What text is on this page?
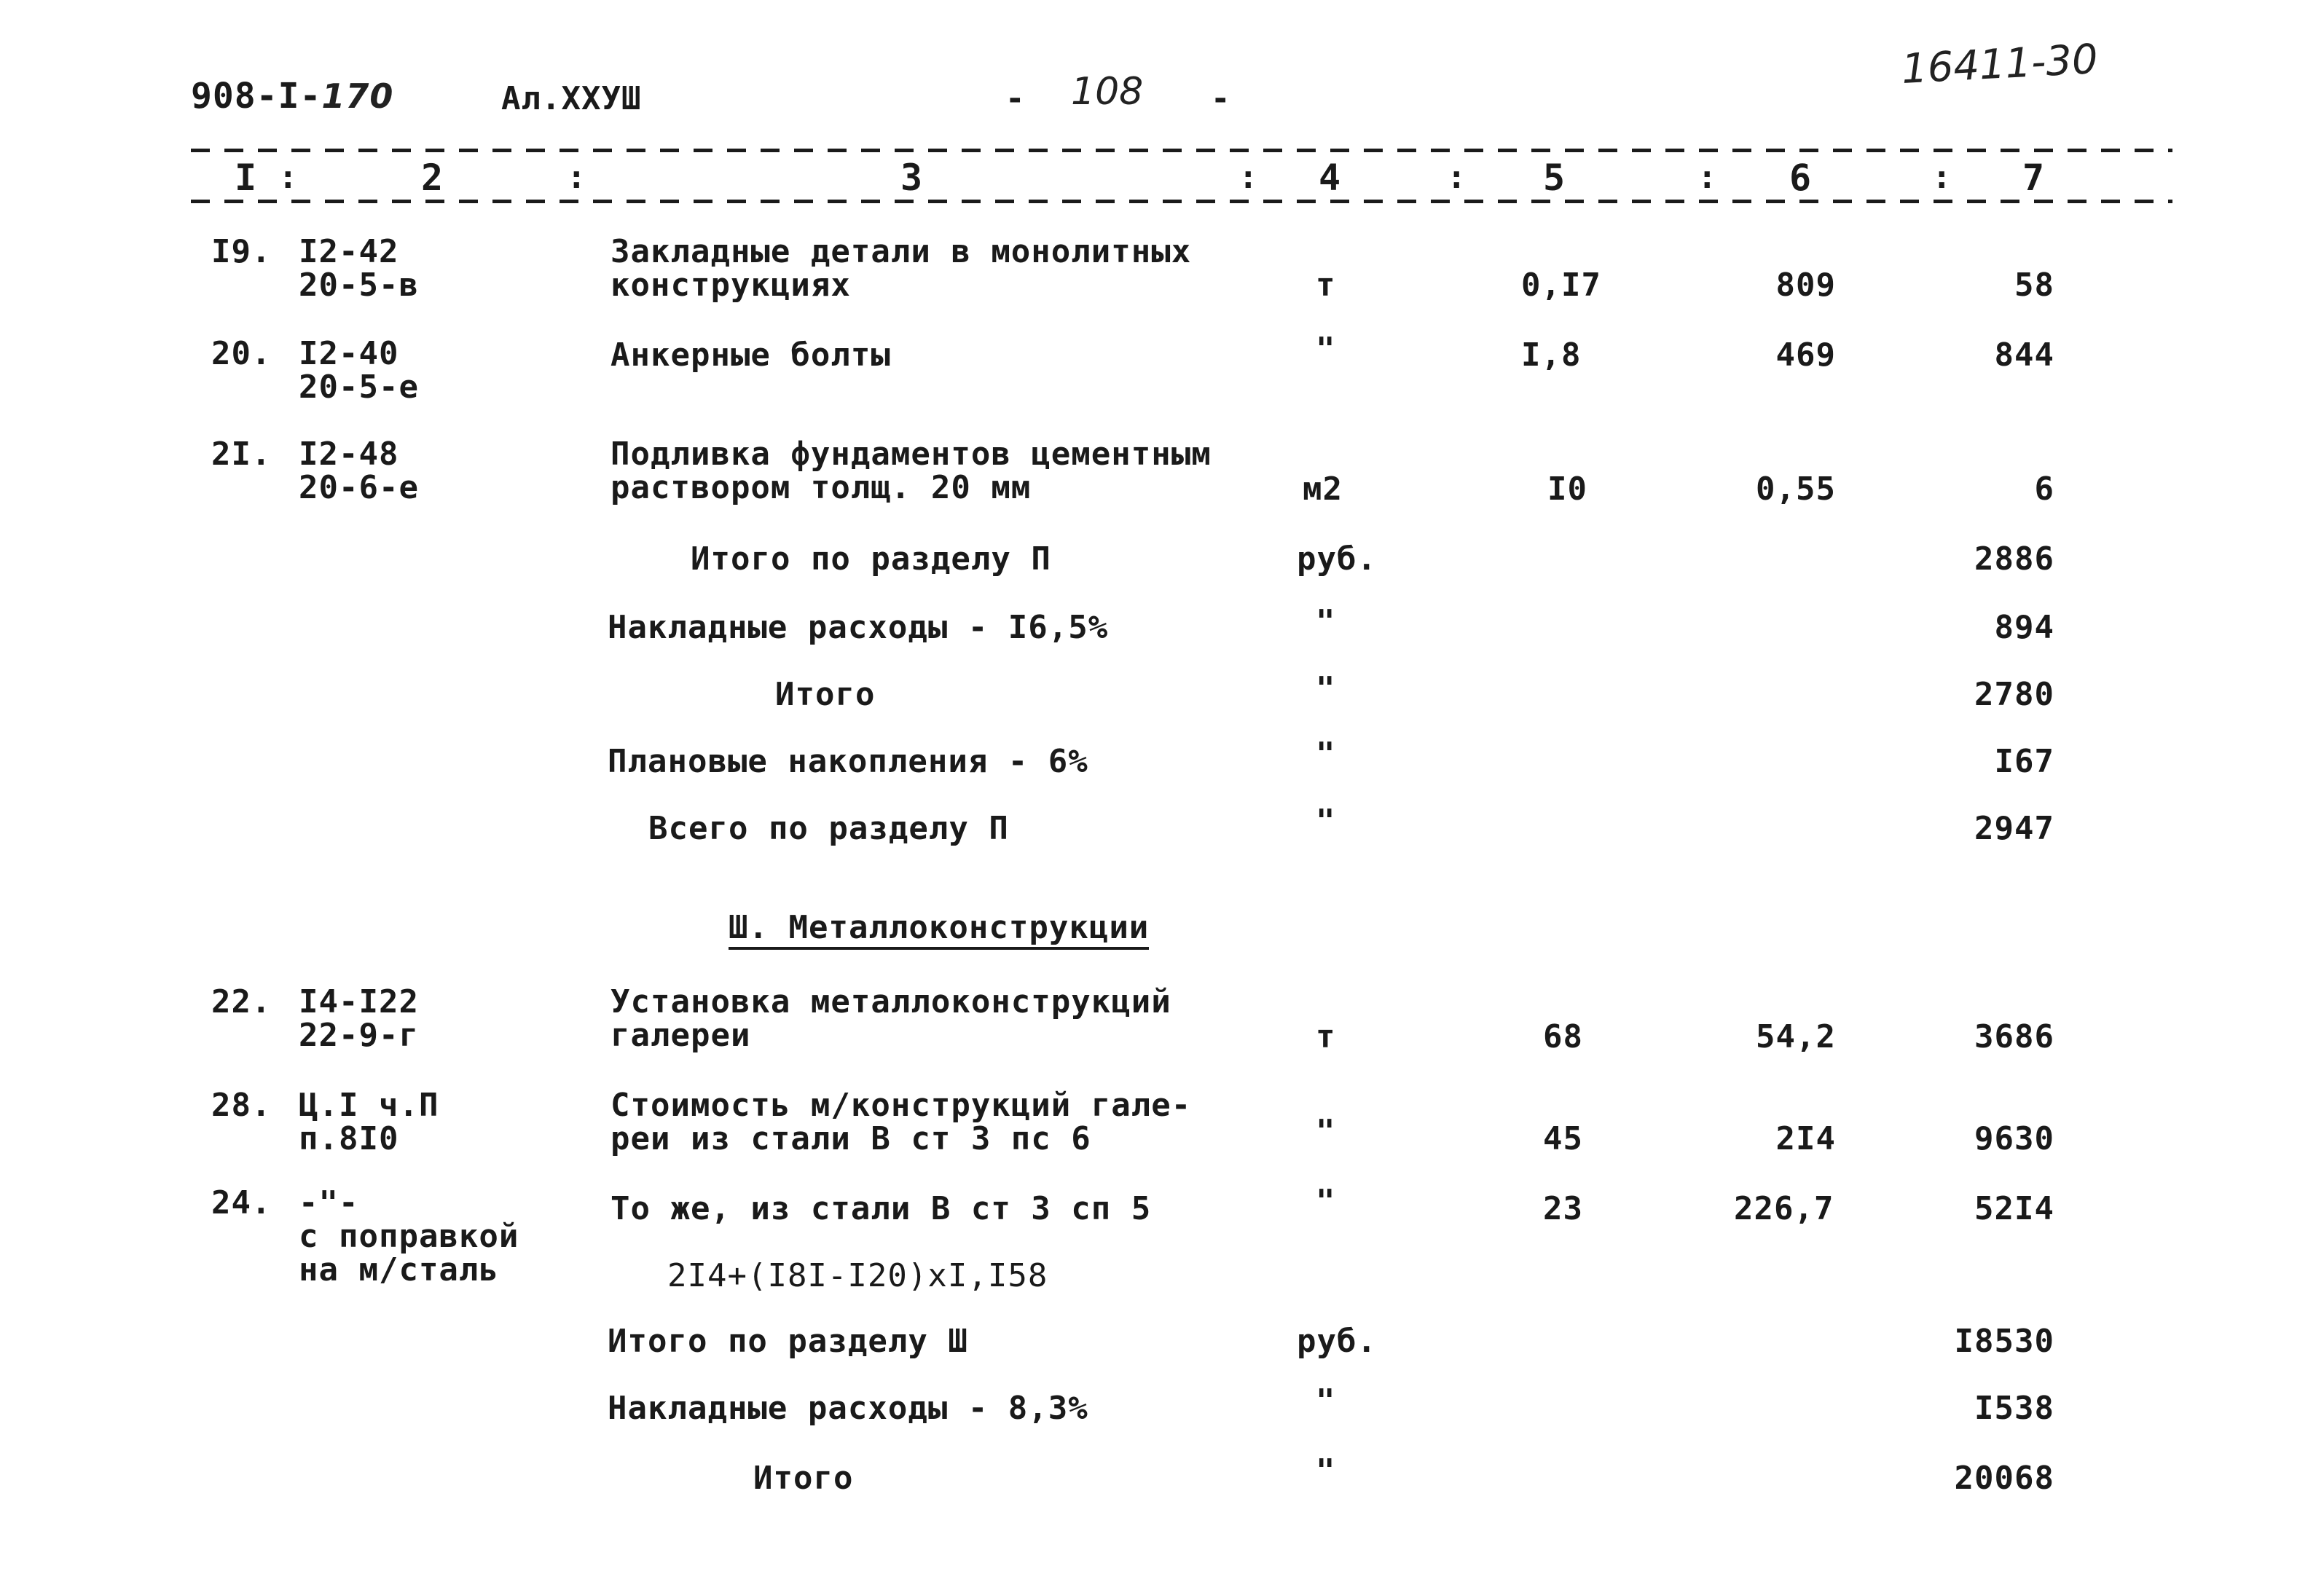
908-I-170	Ал.XXУШ	- 108 -
16411-30
I :	2	:	3	: 4	: 5	: 6	: 7
I9. I2-42
20-5-в
Закладные детали в монолитных
конструкциях	т	0,I7	809	58
20. I2-40
20-5-е
Анкерные болты	"	I,8	469	844
2I. I2-48
20-6-е
Подливка фундаментов цементным
раствором толщ. 20 мм	м2	I0	0,55	6
Итого по разделу П	руб.	2886
Накладные расходы - I6,5%	"	894
Итого	"	2780
Плановые накопления - 6%	"	I67
Всего по разделу П	"	2947
Ш. Металлоконструкции
22. I4-I22
22-9-г
Установка металлоконструкций
галереи	т	68	54,2	3686
28. Ц.I ч.П
п.8I0
Стоимость м/конструкций гале-
реи из стали В ст 3 пс 6	"	45	2I4	9630
24. -"-
с поправкой
на м/сталь
То же, из стали В ст 3 сп 5	"	23	226,7	52I4
2I4+(I8I-I20)xI,I58
Итого по разделу Ш	руб.	I8530
Накладные расходы - 8,3%	"	I538
Итого	"	20068
